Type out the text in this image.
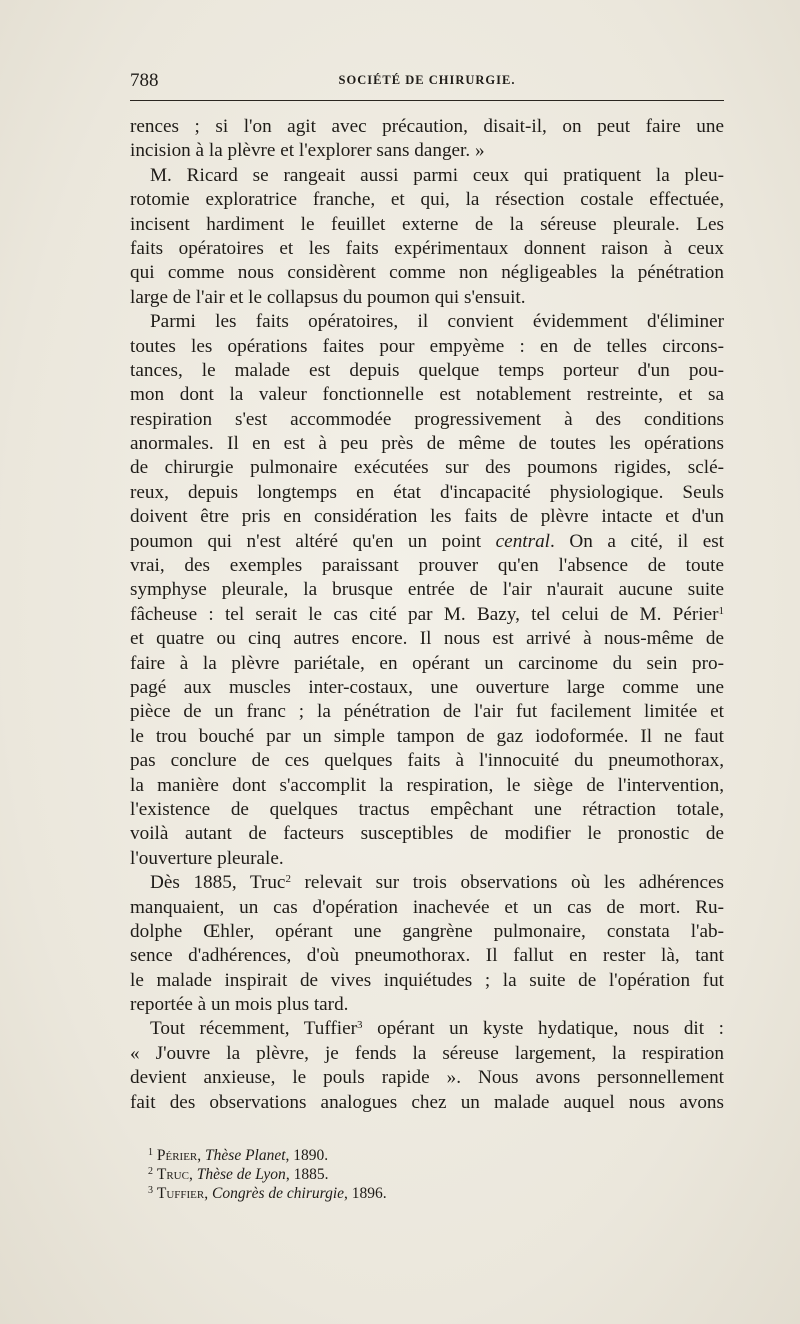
788	SOCIÉTÉ DE CHIRURGIE.
rences ; si l'on agit avec précaution, disait-il, on peut faire une
incision à la plèvre et l'explorer sans danger. »
M. Ricard se rangeait aussi parmi ceux qui pratiquent la pleu-
rotomie exploratrice franche, et qui, la résection costale effectuée,
incisent hardiment le feuillet externe de la séreuse pleurale. Les
faits opératoires et les faits expérimentaux donnent raison à ceux
qui comme nous considèrent comme non négligeables la pénétration
large de l'air et le collapsus du poumon qui s'ensuit.
Parmi les faits opératoires, il convient évidemment d'éliminer
toutes les opérations faites pour empyème : en de telles circons-
tances, le malade est depuis quelque temps porteur d'un pou-
mon dont la valeur fonctionnelle est notablement restreinte, et sa
respiration s'est accommodée progressivement à des conditions
anormales. Il en est à peu près de même de toutes les opérations
de chirurgie pulmonaire exécutées sur des poumons rigides, sclé-
reux, depuis longtemps en état d'incapacité physiologique. Seuls
doivent être pris en considération les faits de plèvre intacte et d'un
poumon qui n'est altéré qu'en un point central. On a cité, il est
vrai, des exemples paraissant prouver qu'en l'absence de toute
symphyse pleurale, la brusque entrée de l'air n'aurait aucune suite
fâcheuse : tel serait le cas cité par M. Bazy, tel celui de M. Périer$^1$
et quatre ou cinq autres encore. Il nous est arrivé à nous-même de
faire à la plèvre pariétale, en opérant un carcinome du sein pro-
pagé aux muscles inter-costaux, une ouverture large comme une
pièce de un franc ; la pénétration de l'air fut facilement limitée et
le trou bouché par un simple tampon de gaz iodoformée. Il ne faut
pas conclure de ces quelques faits à l'innocuité du pneumothorax,
la manière dont s'accomplit la respiration, le siège de l'intervention,
l'existence de quelques tractus empêchant une rétraction totale,
voilà autant de facteurs susceptibles de modifier le pronostic de
l'ouverture pleurale.
Dès 1885, Truc$^2$ relevait sur trois observations où les adhérences
manquaient, un cas d'opération inachevée et un cas de mort. Ru-
dolphe Œhler, opérant une gangrène pulmonaire, constata l'ab-
sence d'adhérences, d'où pneumothorax. Il fallut en rester là, tant
le malade inspirait de vives inquiétudes ; la suite de l'opération fut
reportée à un mois plus tard.
Tout récemment, Tuffier$^3$ opérant un kyste hydatique, nous dit :
« J'ouvre la plèvre, je fends la séreuse largement, la respiration
devient anxieuse, le pouls rapide ». Nous avons personnellement
fait des observations analogues chez un malade auquel nous avons
$^1$ Périer, Thèse Planet, 1890.
$^2$ Truc, Thèse de Lyon, 1885.
$^3$ Tuffier, Congrès de chirurgie, 1896.
